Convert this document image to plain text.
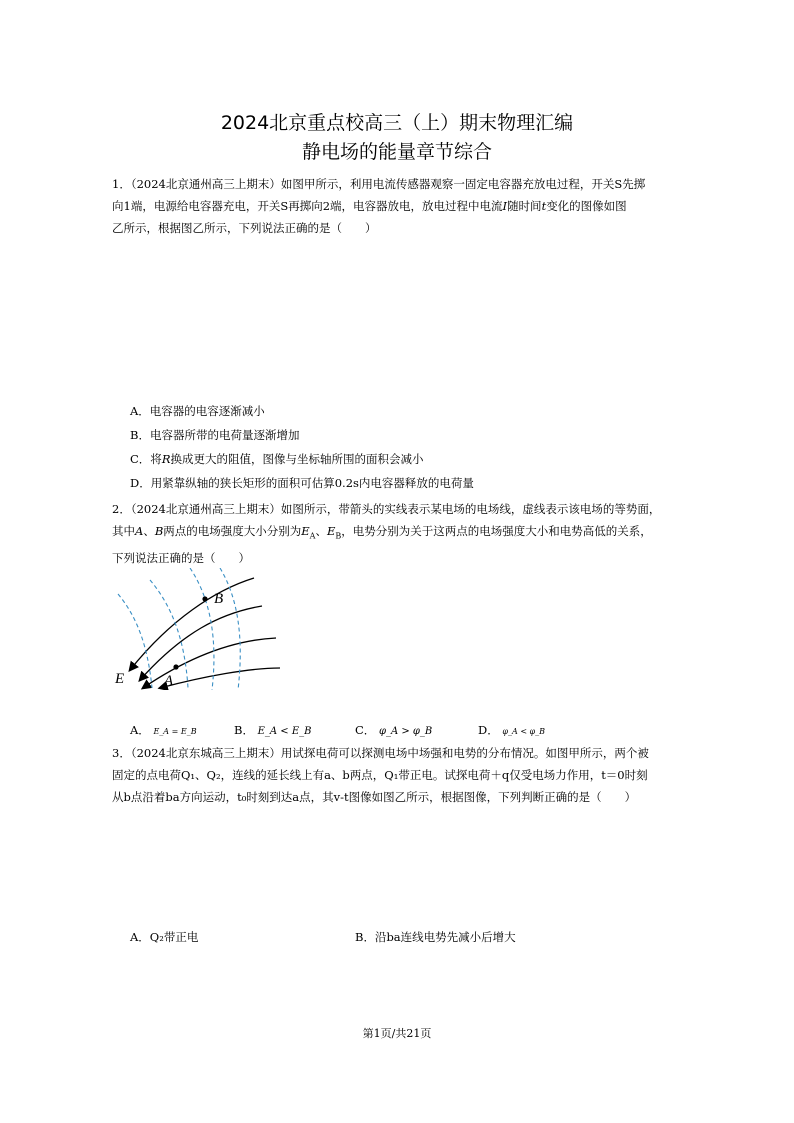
2024北京重点校高三（上）期末物理汇编
静电场的能量章节综合
1．（2024北京通州高三上期末）如图甲所示，利用电流传感器观察一固定电容器充放电过程，开关S先掷
向1端，电源给电容器充电，开关S再掷向2端，电容器放电，放电过程中电流I随时间t变化的图像如图
乙所示，根据图乙所示，下列说法正确的是（　　）
A．电容器的电容逐渐减小
B．电容器所带的电荷量逐渐增加
C．将R换成更大的阻值，图像与坐标轴所围的面积会减小
D．用紧靠纵轴的狭长矩形的面积可估算0.2s内电容器释放的电荷量
2．（2024北京通州高三上期末）如图所示，带箭头的实线表示某电场的电场线，虚线表示该电场的等势面，
其中A、B两点的电场强度大小分别为$E_A$、$E_B$，电势分别为关于这两点的电场强度大小和电势高低的关系，
下列说法正确的是（　　）
B
A
E
A． E_A = E_B	B． E_A < E_B	C． φ_A > φ_B	D． φ_A < φ_B
3．（2024北京东城高三上期末）用试探电荷可以探测电场中场强和电势的分布情况。如图甲所示，两个被
固定的点电荷Q₁、Q₂，连线的延长线上有a、b两点，Q₁带正电。试探电荷＋q仅受电场力作用，t＝0时刻
从b点沿着ba方向运动，t₀时刻到达a点，其v-t图像如图乙所示，根据图像，下列判断正确的是（　　）
A．Q₂带正电	B．沿ba连线电势先减小后增大
第1页/共21页
